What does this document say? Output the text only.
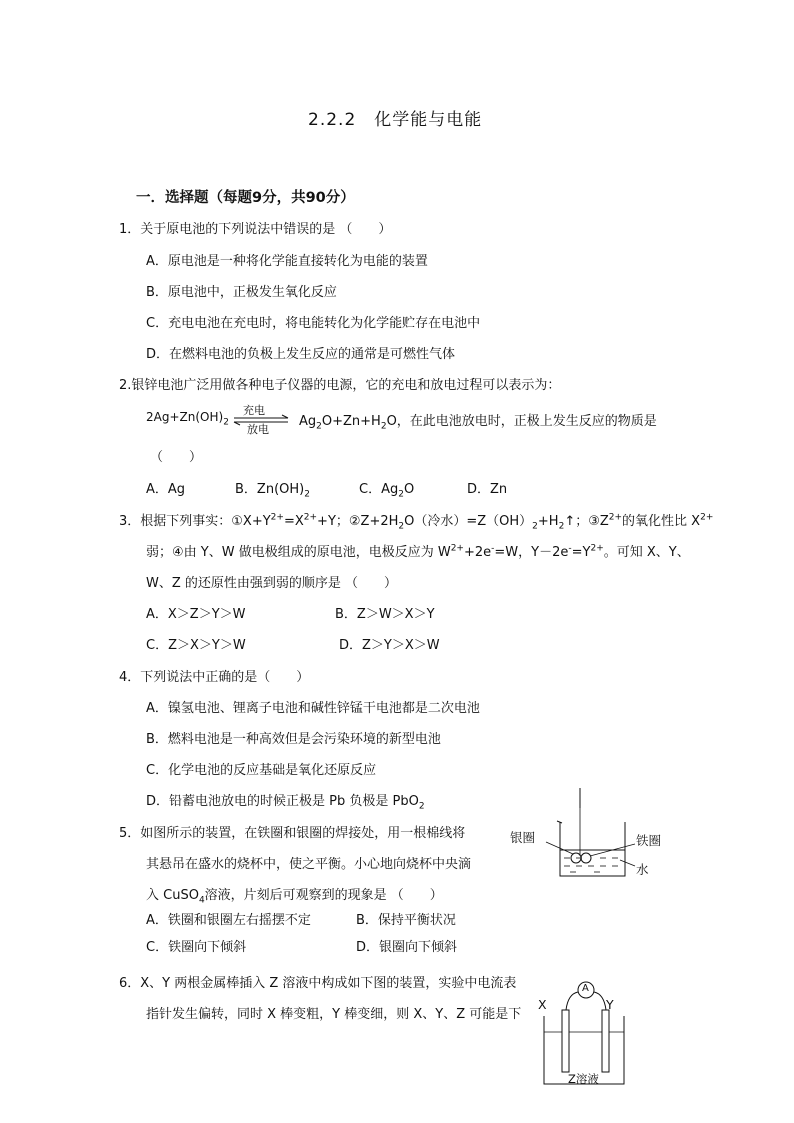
2.2.2　化学能与电能
一．选择题（每题9分，共90分）
1．关于原电池的下列说法中错误的是 （　　）
A．原电池是一种将化学能直接转化为电能的装置
B．原电池中，正极发生氧化反应
C．充电电池在充电时，将电能转化为化学能贮存在电池中
D．在燃料电池的负极上发生反应的通常是可燃性气体
2.银锌电池广泛用做各种电子仪器的电源，它的充电和放电过程可以表示为：
$2Ag+Zn(OH)_2$
充电
放电
$Ag_2O+Zn+H_2O$，在此电池放电时，正极上发生反应的物质是
（　　）
A．Ag	B．$Zn(OH)_2$	C．$Ag_2O$	D．Zn
3．根据下列事实：$①X+Y^{2+}=X^{2+}+Y$；$②Z+2H_2O$（冷水）$=Z(OH)_2+H_2↑$；$③Z^{2+}$的氧化性比 $X^{2+}$
弱；④由 Y、W 做电极组成的原电池，电极反应为 $W^{2+}+2e^-=W$，$Y-2e^-=Y^{2+}$。可知 X、Y、
W、Z 的还原性由强到弱的顺序是 （　　）
A．X＞Z＞Y＞W	B．Z＞W＞X＞Y
C．Z＞X＞Y＞W	D．Z＞Y＞X＞W
4．下列说法中正确的是（　　）
A．镍氢电池、锂离子电池和碱性锌锰干电池都是二次电池
B．燃料电池是一种高效但是会污染环境的新型电池
C．化学电池的反应基础是氧化还原反应
D．铅蓄电池放电的时候正极是 Pb 负极是 PbO$_2$
5．如图所示的装置，在铁圈和银圈的焊接处，用一根棉线将
其悬吊在盛水的烧杯中，使之平衡。小心地向烧杯中央滴
入 CuSO$_4$溶液，片刻后可观察到的现象是 （　　）
A．铁圈和银圈左右摇摆不定	B．保持平衡状况
C．铁圈向下倾斜	D．银圈向下倾斜
银圈	铁圈
水
6．X、Y 两根金属棒插入 Z 溶液中构成如下图的装置，实验中电流表
指针发生偏转，同时 X 棒变粗，Y 棒变细，则 X、Y、Z 可能是下
A
X	Y
Z溶液
